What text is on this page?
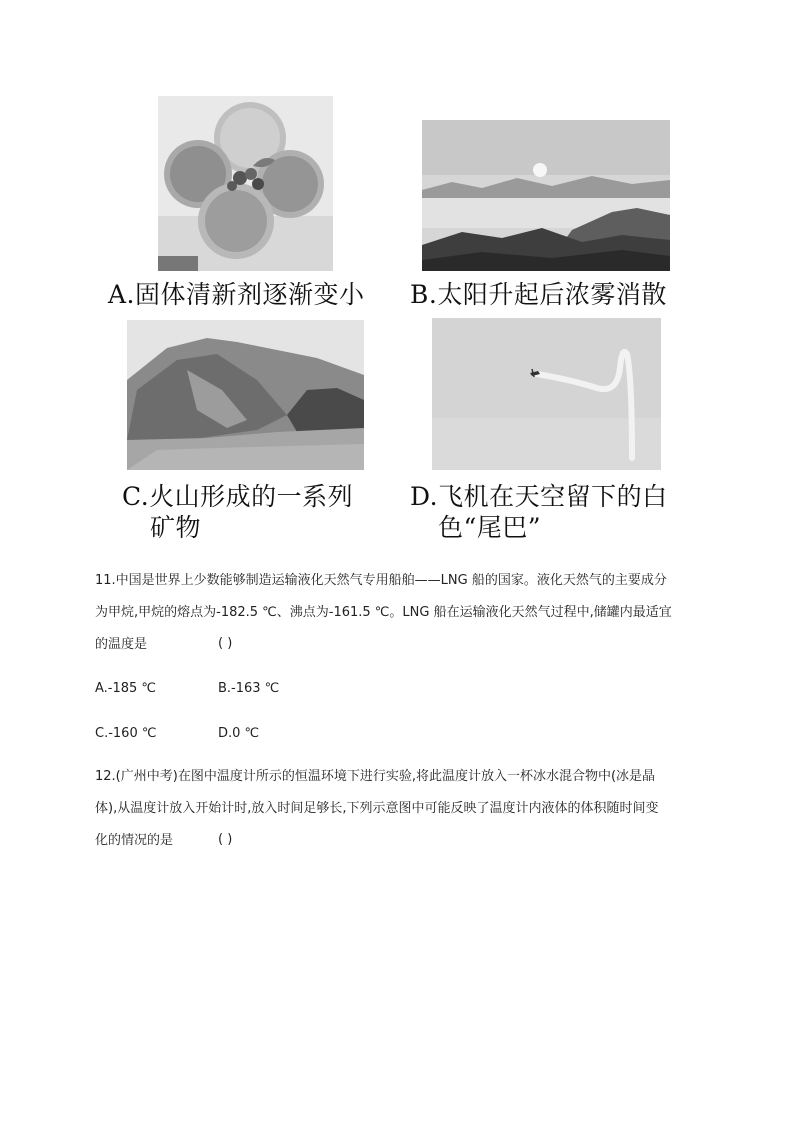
A.固体清新剂逐渐变小 B.太阳升起后浓雾消散
C.火山形成的一系列
矿物
D.飞机在天空留下的白
色“尾巴”
11.中国是世界上少数能够制造运输液化天然气专用船舶——LNG 船的国家。液化天然气的主要成分
为甲烷,甲烷的熔点为-182.5 ℃、沸点为-161.5 ℃。LNG 船在运输液化天然气过程中,储罐内最适宜
的温度是	( )
A.-185 ℃	B.-163 ℃
C.-160 ℃	D.0 ℃
12.(广州中考)在图中温度计所示的恒温环境下进行实验,将此温度计放入一杯冰水混合物中(冰是晶
体),从温度计放入开始计时,放入时间足够长,下列示意图中可能反映了温度计内液体的体积随时间变
化的情况的是	( )
